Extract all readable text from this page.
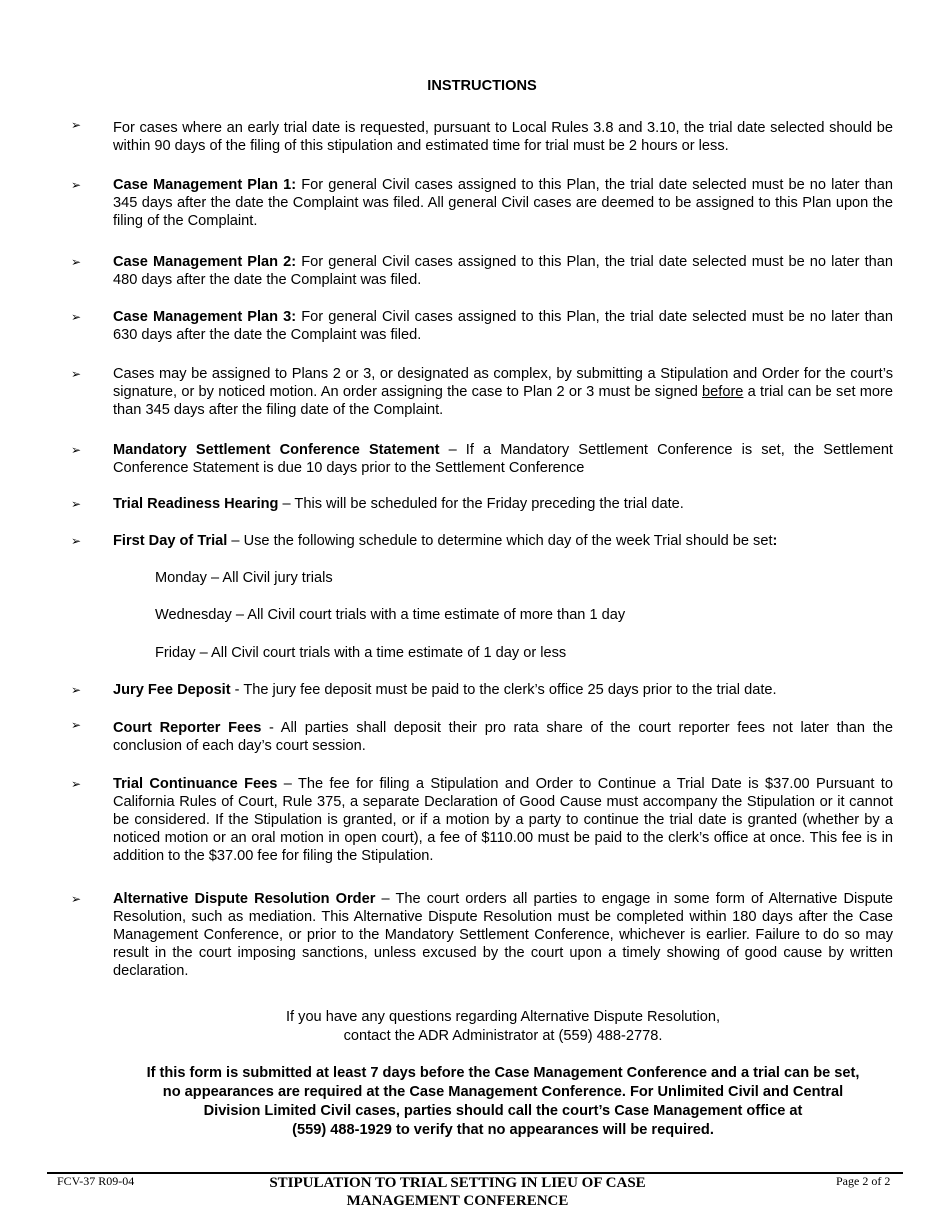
INSTRUCTIONS
➢ For cases where an early trial date is requested, pursuant to Local Rules 3.8 and 3.10, the trial date selected should be within 90 days of the filing of this stipulation and estimated time for trial must be 2 hours or less.
➢ Case Management Plan 1: For general Civil cases assigned to this Plan, the trial date selected must be no later than 345 days after the date the Complaint was filed. All general Civil cases are deemed to be assigned to this Plan upon the filing of the Complaint.
➢ Case Management Plan 2: For general Civil cases assigned to this Plan, the trial date selected must be no later than 480 days after the date the Complaint was filed.
➢ Case Management Plan 3: For general Civil cases assigned to this Plan, the trial date selected must be no later than 630 days after the date the Complaint was filed.
➢ Cases may be assigned to Plans 2 or 3, or designated as complex, by submitting a Stipulation and Order for the court’s signature, or by noticed motion. An order assigning the case to Plan 2 or 3 must be signed before a trial can be set more than 345 days after the filing date of the Complaint.
➢ Mandatory Settlement Conference Statement – If a Mandatory Settlement Conference is set, the Settlement Conference Statement is due 10 days prior to the Settlement Conference
➢ Trial Readiness Hearing – This will be scheduled for the Friday preceding the trial date.
➢ First Day of Trial – Use the following schedule to determine which day of the week Trial should be set:
Monday – All Civil jury trials
Wednesday – All Civil court trials with a time estimate of more than 1 day
Friday – All Civil court trials with a time estimate of 1 day or less
➢ Jury Fee Deposit - The jury fee deposit must be paid to the clerk’s office 25 days prior to the trial date.
➢ Court Reporter Fees - All parties shall deposit their pro rata share of the court reporter fees not later than the conclusion of each day’s court session.
➢ Trial Continuance Fees – The fee for filing a Stipulation and Order to Continue a Trial Date is $37.00 Pursuant to California Rules of Court, Rule 375, a separate Declaration of Good Cause must accompany the Stipulation or it cannot be considered. If the Stipulation is granted, or if a motion by a party to continue the trial date is granted (whether by a noticed motion or an oral motion in open court), a fee of $110.00 must be paid to the clerk’s office at once. This fee is in addition to the $37.00 fee for filing the Stipulation.
➢ Alternative Dispute Resolution Order – The court orders all parties to engage in some form of Alternative Dispute Resolution, such as mediation. This Alternative Dispute Resolution must be completed within 180 days after the Case Management Conference, or prior to the Mandatory Settlement Conference, whichever is earlier. Failure to do so may result in the court imposing sanctions, unless excused by the court upon a timely showing of good cause by written declaration.
If you have any questions regarding Alternative Dispute Resolution,
contact the ADR Administrator at (559) 488-2778.
If this form is submitted at least 7 days before the Case Management Conference and a trial can be set,
no appearances are required at the Case Management Conference. For Unlimited Civil and Central
Division Limited Civil cases, parties should call the court’s Case Management office at
(559) 488-1929 to verify that no appearances will be required.
FCV-37 R09-04	STIPULATION TO TRIAL SETTING IN LIEU OF CASE
MANAGEMENT CONFERENCE
Page 2 of 2
